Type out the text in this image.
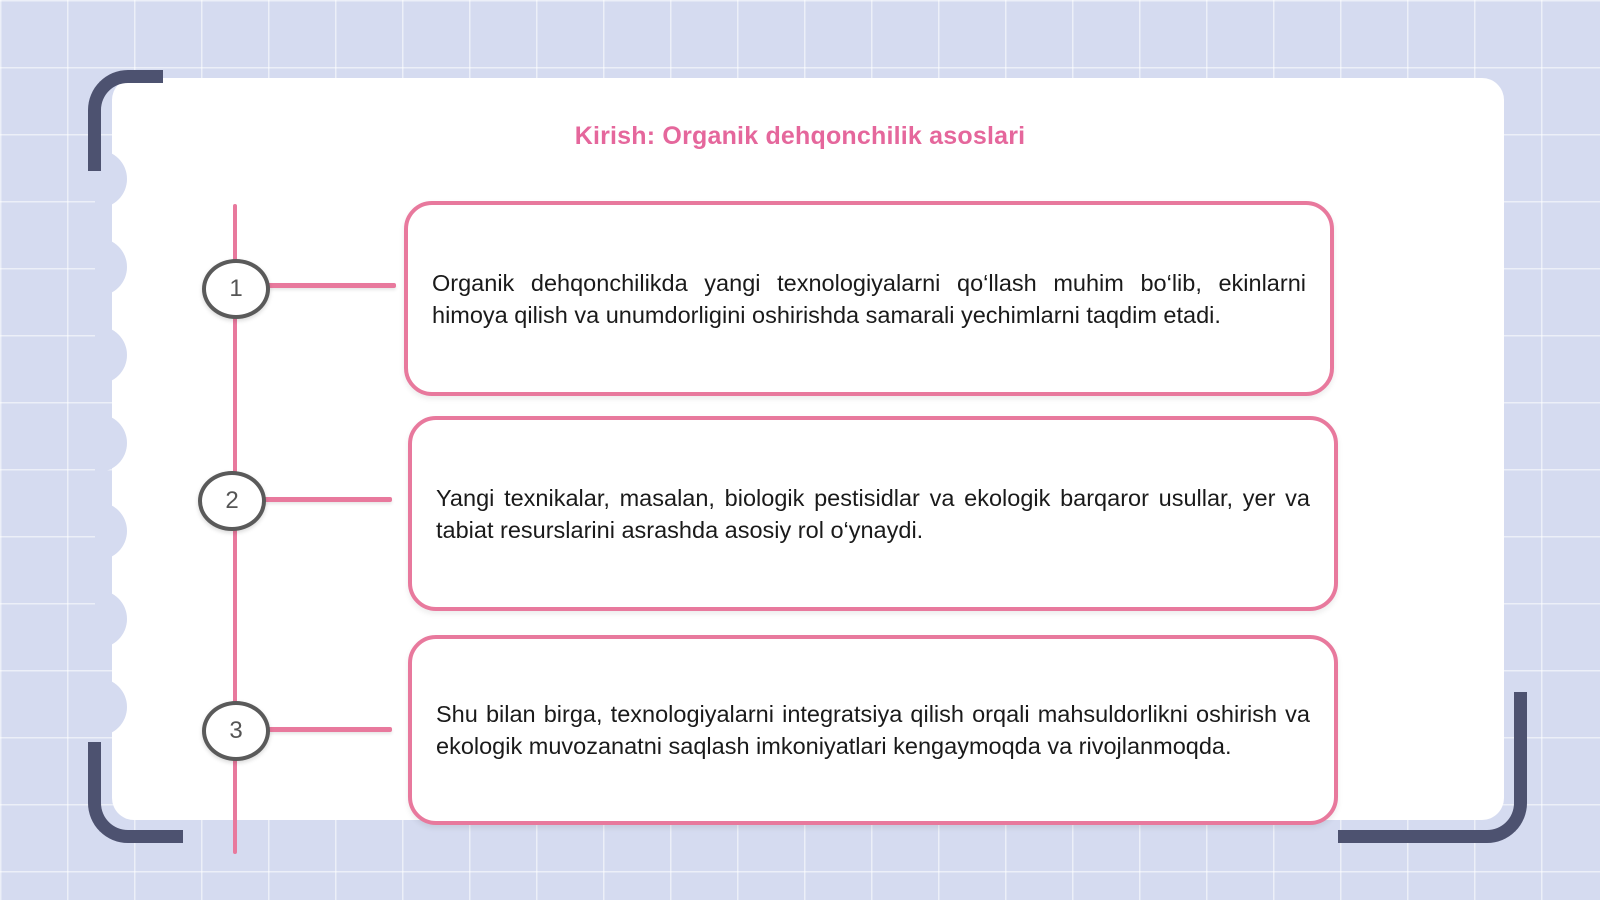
Kirish: Organik dehqonchilik asoslari
1
2
3
Organik dehqonchilikda yangi texnologiyalarni qo‘llash muhim bo‘lib, ekinlarni himoya qilish va unumdorligini oshirishda samarali yechimlarni taqdim etadi.
Yangi texnikalar, masalan, biologik pestisidlar va ekologik barqaror usullar, yer va tabiat resurslarini asrashda asosiy rol o‘ynaydi.
Shu bilan birga, texnologiyalarni integratsiya qilish orqali mahsuldorlikni oshirish va ekologik muvozanatni saqlash imkoniyatlari kengaymoqda va rivojlanmoqda.
